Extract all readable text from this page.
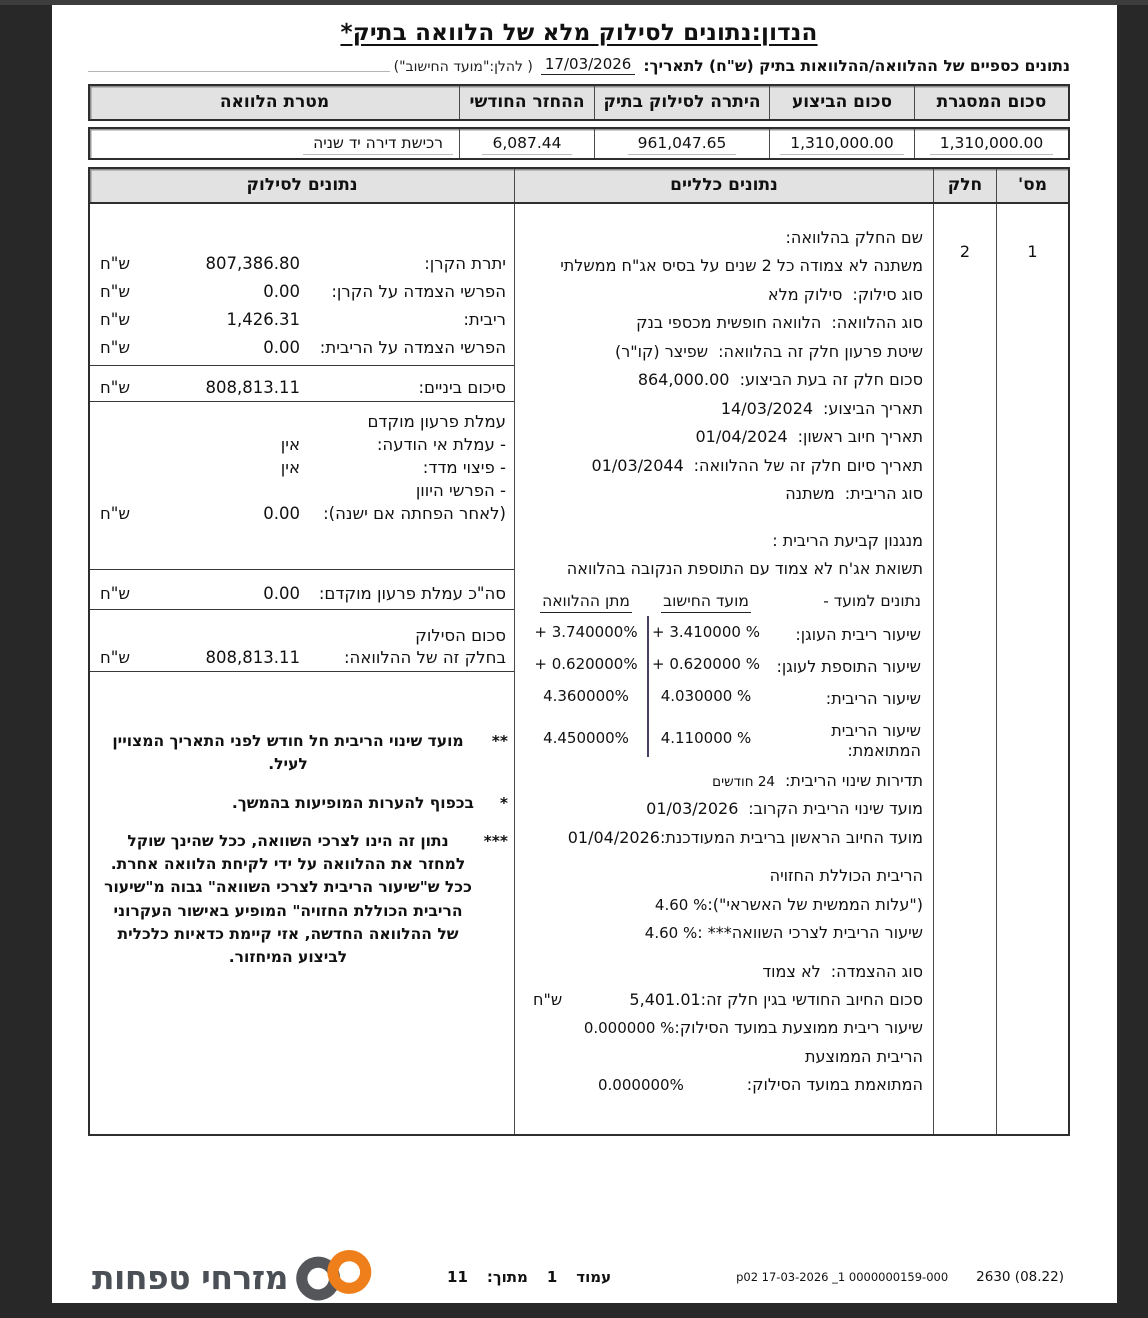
הנדון:נתונים לסילוק מלא של הלוואה בתיק*
נתונים כספיים של ההלוואה/ההלוואות בתיק (ש"ח) לתאריך:
17/03/2026
( להלן:"מועד החישוב")
סכום המסגרת
סכום הביצוע
היתרה לסילוק בתיק
ההחזר החודשי
מטרת הלוואה
1,310,000.00
1,310,000.00
961,047.65
6,087.44
רכישת דירה יד שניה
מס'
חלק
נתונים כלליים
נתונים לסילוק
1
2
שם החלק בהלוואה:
משתנה לא צמודה כל 2 שנים על בסיס אג"ח ממשלתי
סוג סילוק:
סילוק מלא
סוג ההלוואה:
הלוואה חופשית מכספי בנק
שיטת פרעון חלק זה בהלוואה:
שפיצר (קו"ר)
סכום חלק זה בעת הביצוע:
864,000.00
תאריך הביצוע:
14/03/2024
תאריך חיוב ראשון:
01/04/2024
תאריך סיום חלק זה של ההלוואה:
01/03/2044
סוג הריבית:
משתנה
מנגנון קביעת הריבית :
תשואת אג'ח לא צמוד עם התוספת הנקובה בהלוואה
נתונים למועד -
מועד החישוב
מתן ההלוואה
שיעור ריבית העוגן:
+ 3.410000 %
+ 3.740000%
שיעור התוספת לעוגן:
+ 0.620000 %
+ 0.620000%
שיעור הריבית:
4.030000 %
4.360000%
שיעור הריבית המתואמת:
4.110000 %
4.450000%
תדירות שינוי הריבית:
24 חודשים
מועד שינוי הריבית הקרוב:
01/03/2026
מועד החיוב הראשון בריבית המעודכנת:
01/04/2026
הריבית הכוללת החזויה
("עלות הממשית של האשראי"):
4.60 %
שיעור הריבית לצרכי השוואה*** :
4.60 %
סוג ההצמדה:
לא צמוד
סכום החיוב החודשי בגין חלק זה:
5,401.01
ש"ח
שיעור ריבית ממוצעת במועד הסילוק:
0.000000 %
הריבית הממוצעת
המתואמת במועד הסילוק:
%
0.000000
יתרת הקרן:
807,386.80
ש"ח
הפרשי הצמדה על הקרן:
0.00
ש"ח
ריבית:
1,426.31
ש"ח
הפרשי הצמדה על הריבית:
0.00
ש"ח
סיכום ביניים:
808,813.11
ש"ח
עמלת פרעון מוקדם
- עמלת אי הודעה:
אין
- פיצוי מדד:
אין
- הפרשי היוון
(לאחר הפחתה אם ישנה):
0.00
ש"ח
סה"כ עמלת פרעון מוקדם:
0.00
ש"ח
סכום הסילוק
בחלק זה של ההלוואה:
808,813.11
ש"ח
**
מועד שינוי הריבית חל חודש לפני התאריך המצויין לעיל.
*
בכפוף להערות המופיעות בהמשך.
***
נתון זה הינו לצרכי השוואה, ככל שהינך שוקל למחזר את ההלוואה על ידי לקיחת הלוואה אחרת. ככל ש"שיעור הריבית לצרכי השוואה" גבוה מ"שיעור הריבית הכוללת החזויה" המופיע באישור העקרוני של ההלוואה החדשה, אזי קיימת כדאיות כלכלית לביצוע המיחזור.
2630 (08.22)
p02 17-03-2026 _1 0000000159-000
עמוד
1
מתוך:
11
מזרחי טפחות
